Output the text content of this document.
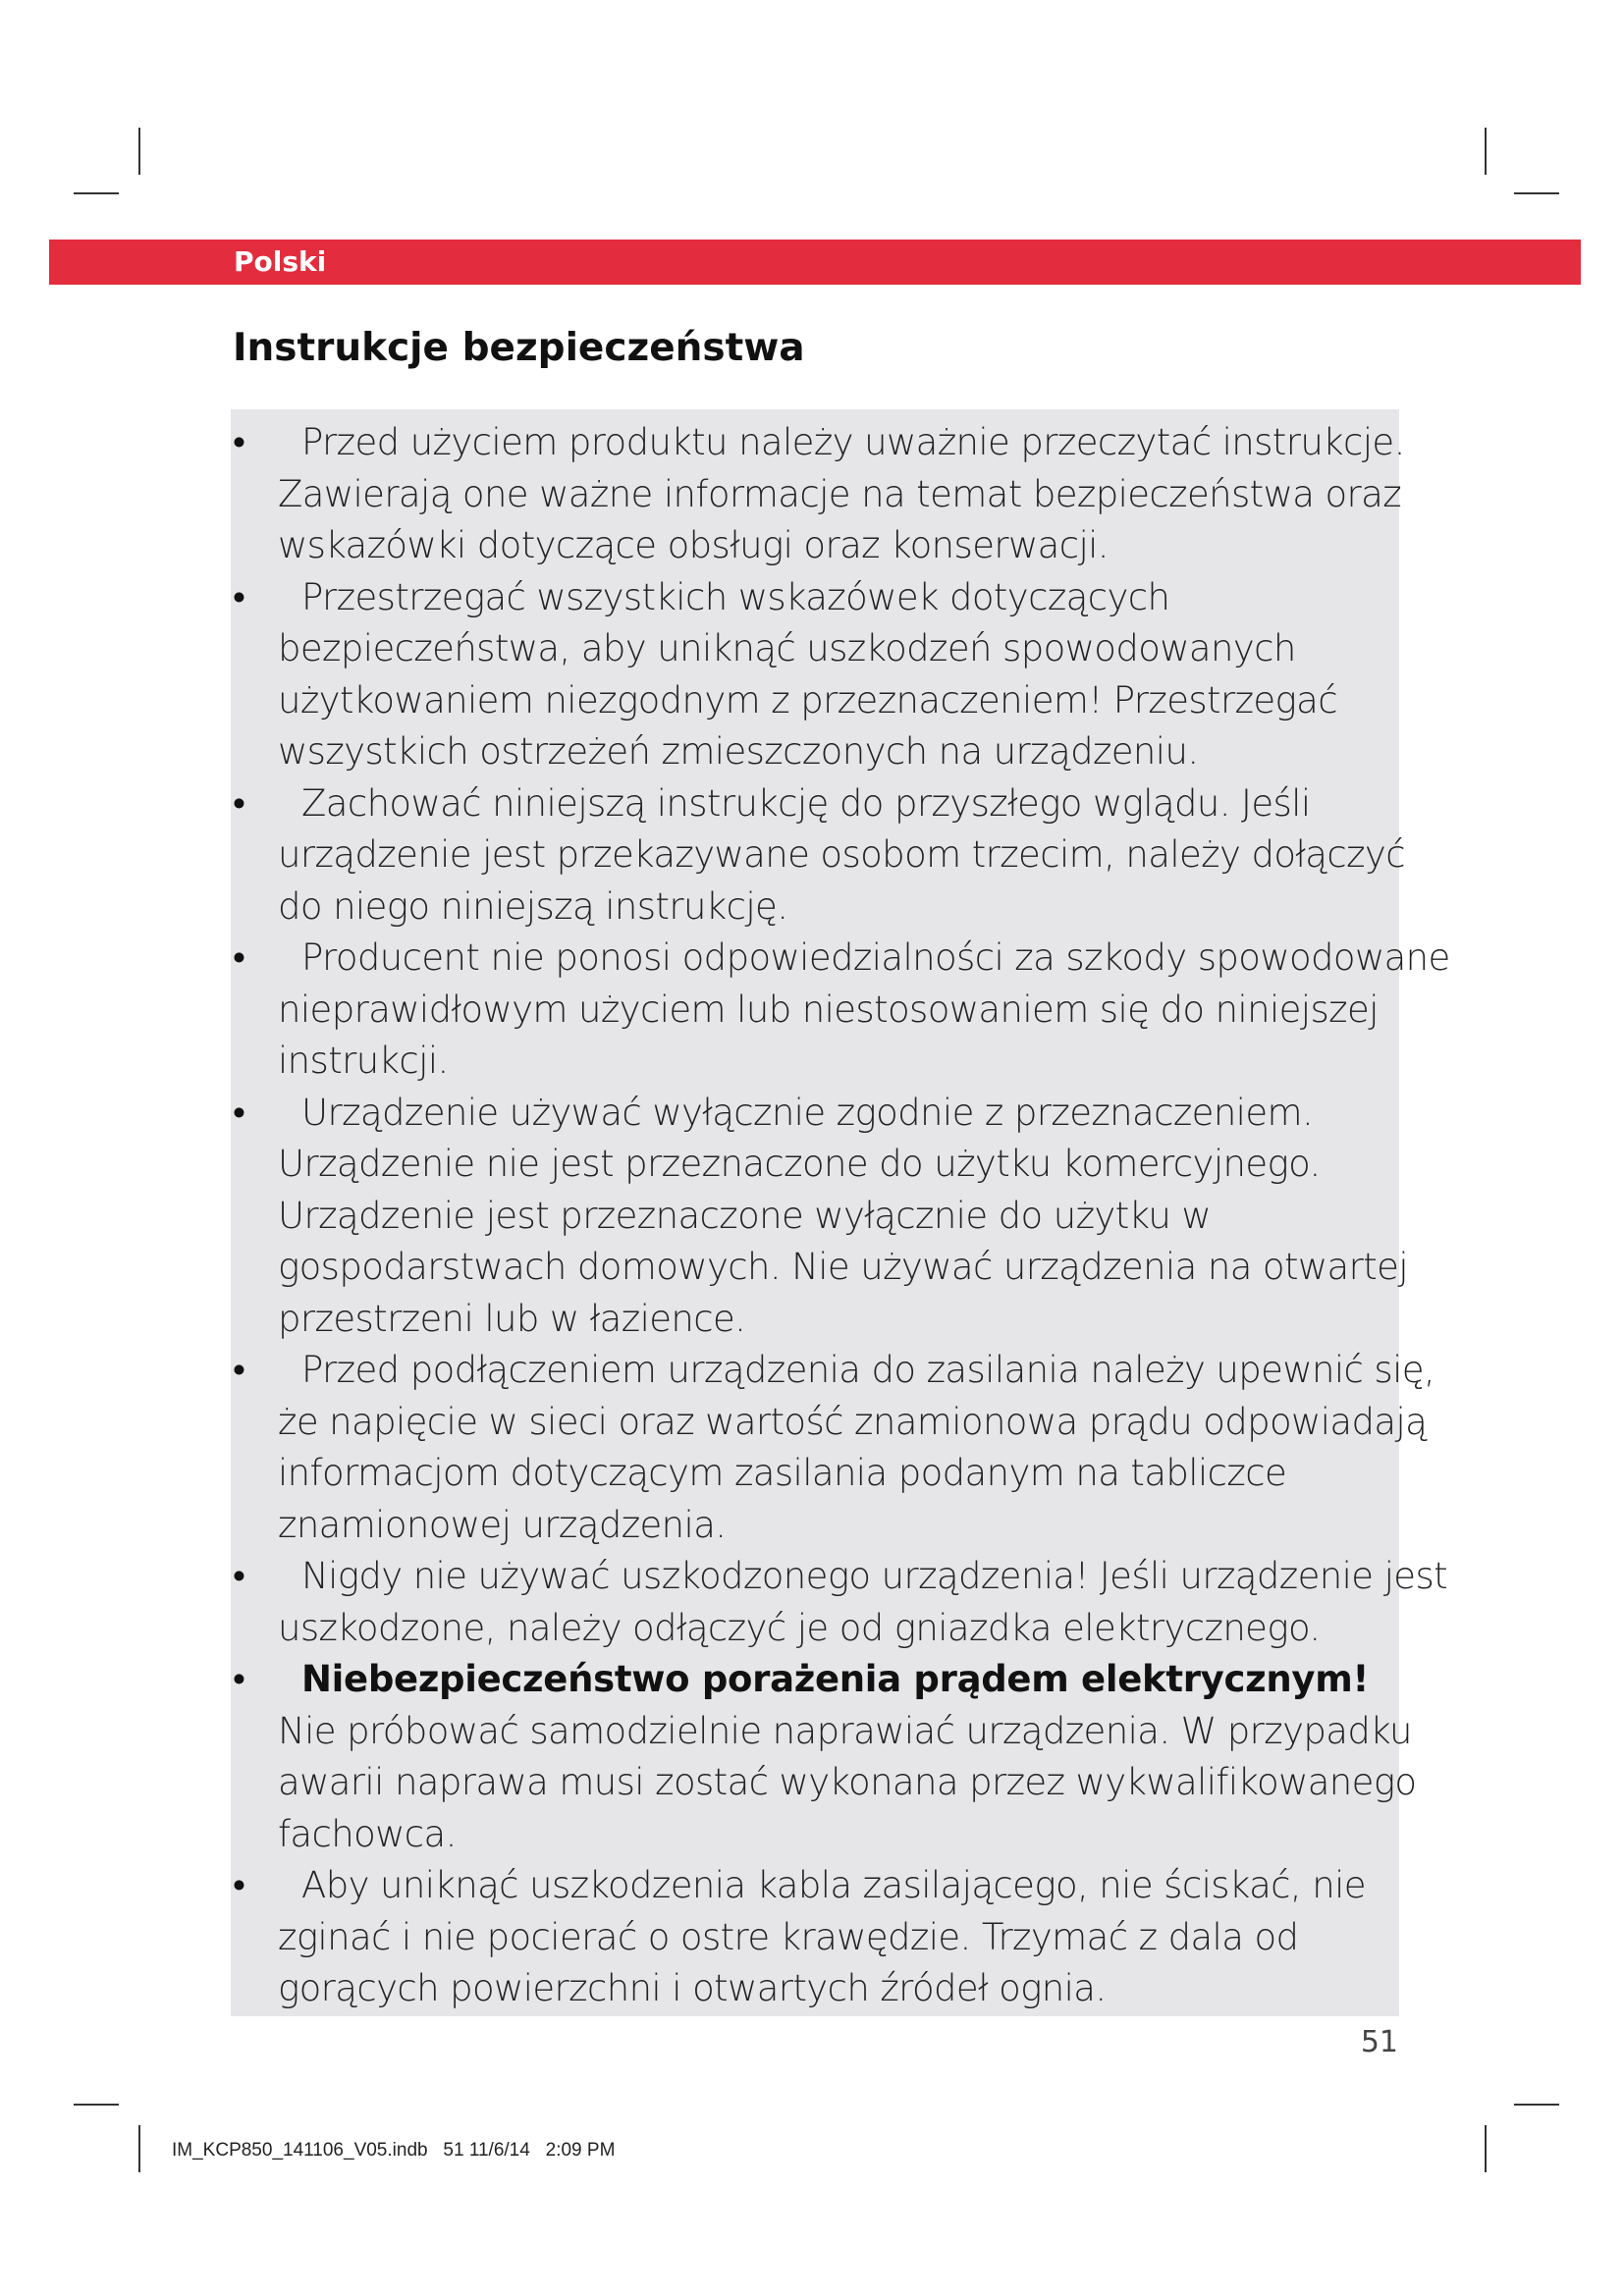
Polski
Instrukcje bezpieczeństwa
•	Przed użyciem produktu należy uważnie przeczytać instrukcje.
Zawierają one ważne informacje na temat bezpieczeństwa oraz
wskazówki dotyczące obsługi oraz konserwacji.
•	Przestrzegać wszystkich wskazówek dotyczących
bezpieczeństwa, aby uniknąć uszkodzeń spowodowanych
użytkowaniem niezgodnym z przeznaczeniem! Przestrzegać
wszystkich ostrzeżeń zmieszczonych na urządzeniu.
•	Zachować niniejszą instrukcję do przyszłego wglądu. Jeśli
urządzenie jest przekazywane osobom trzecim, należy dołączyć
do niego niniejszą instrukcję.
•	Producent nie ponosi odpowiedzialności za szkody spowodowane
nieprawidłowym użyciem lub niestosowaniem się do niniejszej
instrukcji.
•	Urządzenie używać wyłącznie zgodnie z przeznaczeniem.
Urządzenie nie jest przeznaczone do użytku komercyjnego.
Urządzenie jest przeznaczone wyłącznie do użytku w
gospodarstwach domowych. Nie używać urządzenia na otwartej
przestrzeni lub w łazience.
•	Przed podłączeniem urządzenia do zasilania należy upewnić się,
że napięcie w sieci oraz wartość znamionowa prądu odpowiadają
informacjom dotyczącym zasilania podanym na tabliczce
znamionowej urządzenia.
•	Nigdy nie używać uszkodzonego urządzenia! Jeśli urządzenie jest
uszkodzone, należy odłączyć je od gniazdka elektrycznego.
•	Niebezpieczeństwo porażenia prądem elektrycznym!
Nie próbować samodzielnie naprawiać urządzenia. W przypadku
awarii naprawa musi zostać wykonana przez wykwalifikowanego
fachowca.
•	Aby uniknąć uszkodzenia kabla zasilającego, nie ściskać, nie
zginać i nie pocierać o ostre krawędzie. Trzymać z dala od
gorących powierzchni i otwartych źródeł ognia.
51
IM_KCP850_141106_V05.indb   51 11/6/14   2:09 PM
